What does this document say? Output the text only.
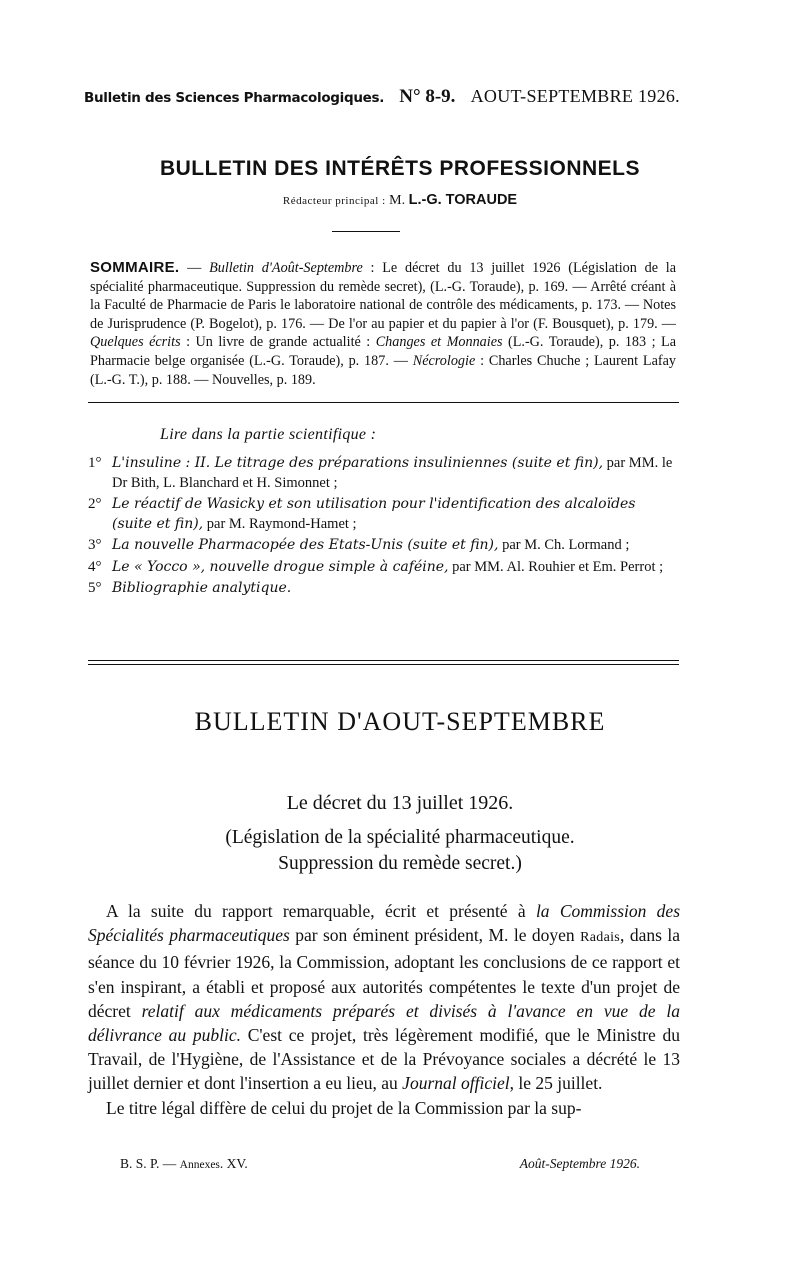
Bulletin des Sciences Pharmacologiques. N° 8-9. AOUT-SEPTEMBRE 1926.
BULLETIN DES INTÉRÊTS PROFESSIONNELS
Rédacteur principal : M. L.-G. TORAUDE
SOMMAIRE. — Bulletin d'Août-Septembre : Le décret du 13 juillet 1926 (Législation de la spécialité pharmaceutique. Suppression du remède secret), (L.-G. Toraude), p. 169. — Arrêté créant à la Faculté de Pharmacie de Paris le laboratoire national de contrôle des médicaments, p. 173. — Notes de Jurisprudence (P. Bogelot), p. 176. — De l'or au papier et du papier à l'or (F. Bousquet), p. 179. — Quelques écrits : Un livre de grande actualité : Changes et Monnaies (L.-G. Toraude), p. 183 ; La Pharmacie belge organisée (L.-G. Toraude), p. 187. — Nécrologie : Charles Chuche ; Laurent Lafay (L.-G. T.), p. 188. — Nouvelles, p. 189.
Lire dans la partie scientifique :
1° L'insuline : II. Le titrage des préparations insuliniennes (suite et fin), par MM. le Dr Bith, L. Blanchard et H. Simonnet ;
2° Le réactif de Wasicky et son utilisation pour l'identification des alcaloïdes (suite et fin), par M. Raymond-Hamet ;
3° La nouvelle Pharmacopée des Etats-Unis (suite et fin), par M. Ch. Lormand ;
4° Le « Yocco », nouvelle drogue simple à caféine, par MM. Al. Rouhier et Em. Perrot ;
5° Bibliographie analytique.
BULLETIN D'AOUT-SEPTEMBRE
Le décret du 13 juillet 1926.
(Législation de la spécialité pharmaceutique.
Suppression du remède secret.)

A la suite du rapport remarquable, écrit et présenté à la Commission des Spécialités pharmaceutiques par son éminent président, M. le doyen Radais, dans la séance du 10 février 1926, la Commission, adoptant les conclusions de ce rapport et s'en inspirant, a établi et proposé aux autorités compétentes le texte d'un projet de décret relatif aux médicaments préparés et divisés à l'avance en vue de la délivrance au public. C'est ce projet, très légèrement modifié, que le Ministre du Travail, de l'Hygiène, de l'Assistance et de la Prévoyance sociales a décrété le 13 juillet dernier et dont l'insertion a eu lieu, au Journal officiel, le 25 juillet.

Le titre légal diffère de celui du projet de la Commission par la sup-

B. S. P. — Annexes. XV.	Août-Septembre 1926.
